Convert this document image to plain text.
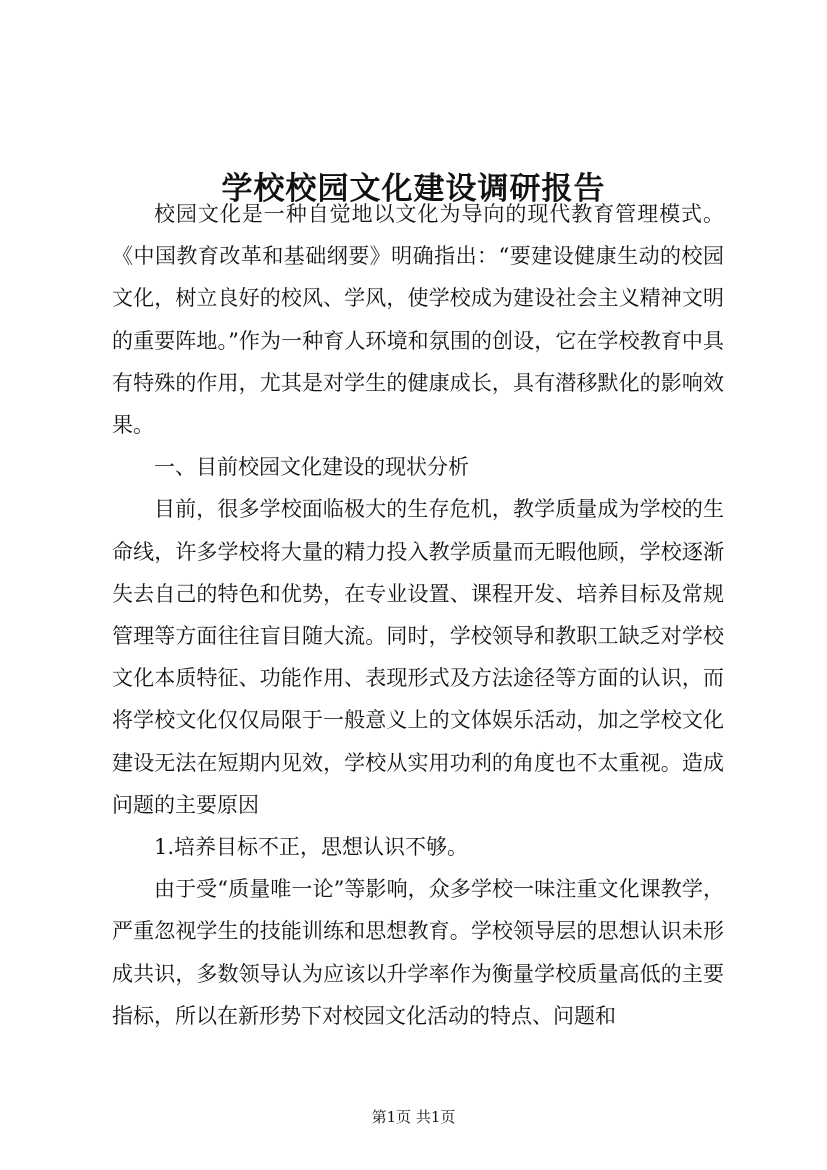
学校校园文化建设调研报告

校园文化是一种自觉地以文化为导向的现代教育管理模式。《中国教育改革和基础纲要》明确指出：“要建设健康生动的校园文化，树立良好的校风、学风，使学校成为建设社会主义精神文明的重要阵地。”作为一种育人环境和氛围的创设，它在学校教育中具有特殊的作用，尤其是对学生的健康成长，具有潜移默化的影响效果。

一、目前校园文化建设的现状分析

目前，很多学校面临极大的生存危机，教学质量成为学校的生命线，许多学校将大量的精力投入教学质量而无暇他顾，学校逐渐失去自己的特色和优势，在专业设置、课程开发、培养目标及常规管理等方面往往盲目随大流。同时，学校领导和教职工缺乏对学校文化本质特征、功能作用、表现形式及方法途径等方面的认识，而将学校文化仅仅局限于一般意义上的文体娱乐活动，加之学校文化建设无法在短期内见效，学校从实用功利的角度也不太重视。造成问题的主要原因

1.培养目标不正，思想认识不够。

由于受“质量唯一论”等影响，众多学校一味注重文化课教学，严重忽视学生的技能训练和思想教育。学校领导层的思想认识未形成共识，多数领导认为应该以升学率作为衡量学校质量高低的主要指标，所以在新形势下对校园文化活动的特点、问题和

第1页 共1页
